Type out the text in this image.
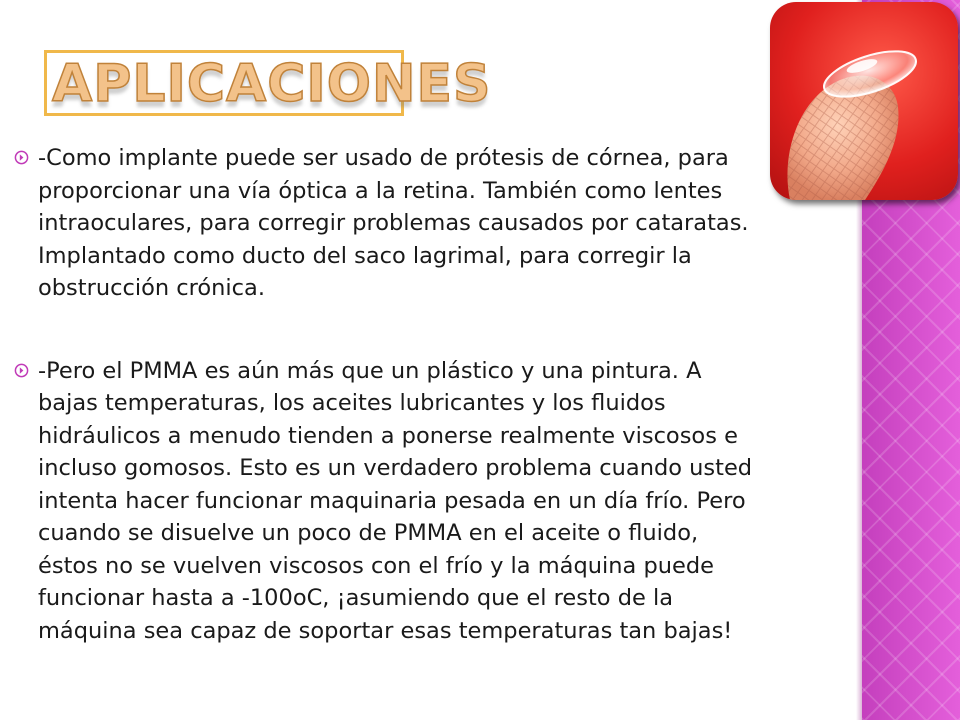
APLICACIONES
-Como implante puede ser usado de prótesis de córnea, para
proporcionar una vía óptica a la retina. También como lentes
intraoculares, para corregir problemas causados por cataratas.
Implantado como ducto del saco lagrimal, para corregir la
obstrucción crónica.
-Pero el PMMA es aún más que un plástico y una pintura. A
bajas temperaturas, los aceites lubricantes y los fluidos
hidráulicos a menudo tienden a ponerse realmente viscosos e
incluso gomosos. Esto es un verdadero problema cuando usted
intenta hacer funcionar maquinaria pesada en un día frío. Pero
cuando se disuelve un poco de PMMA en el aceite o fluido,
éstos no se vuelven viscosos con el frío y la máquina puede
funcionar hasta a -100oC, ¡asumiendo que el resto de la
máquina sea capaz de soportar esas temperaturas tan bajas!
